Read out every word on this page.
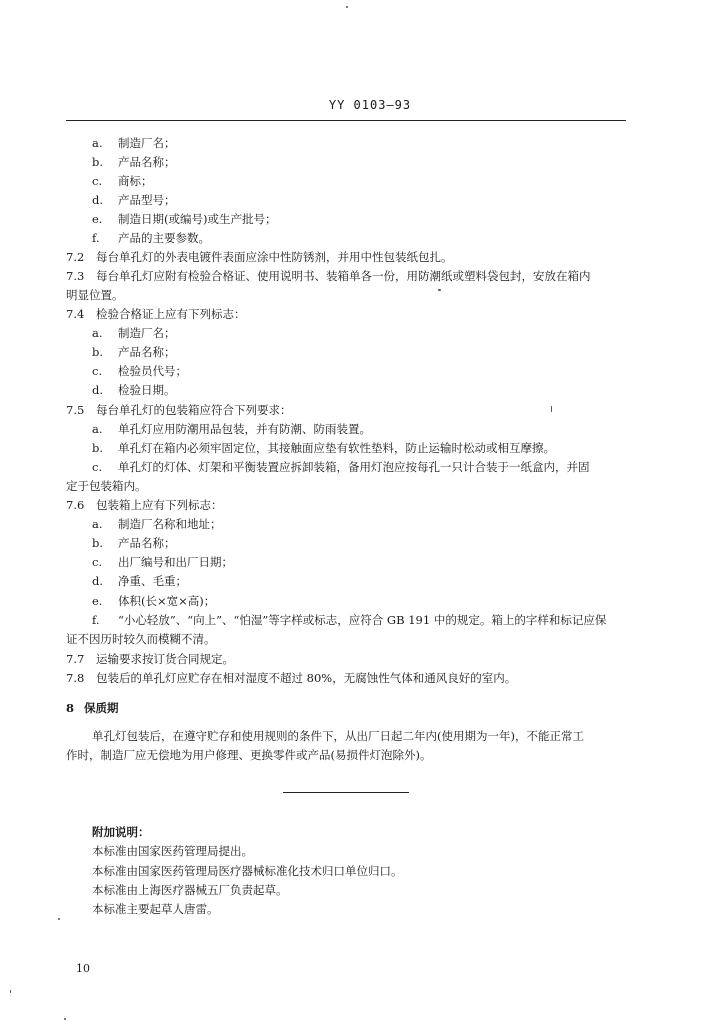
YY 0103—93
a. 制造厂名；
b. 产品名称；
c. 商标；
d. 产品型号；
e. 制造日期(或编号)或生产批号；
f. 产品的主要参数。
7.2 每台单孔灯的外表电镀件表面应涂中性防锈剂，并用中性包装纸包扎。
7.3 每台单孔灯应附有检验合格证、使用说明书、装箱单各一份，用防潮纸或塑料袋包封，安放在箱内
明显位置。
7.4 检验合格证上应有下列标志：
a. 制造厂名；
b. 产品名称；
c. 检验员代号；
d. 检验日期。
7.5 每台单孔灯的包装箱应符合下列要求：
a. 单孔灯应用防潮用品包装，并有防潮、防雨装置。
b. 单孔灯在箱内必须牢固定位，其接触面应垫有软性垫料，防止运输时松动或相互摩擦。
c. 单孔灯的灯体、灯架和平衡装置应拆卸装箱，备用灯泡应按每孔一只计合装于一纸盒内，并固
定于包装箱内。
7.6 包装箱上应有下列标志：
a. 制造厂名称和地址；
b. 产品名称；
c. 出厂编号和出厂日期；
d. 净重、毛重；
e. 体积(长×宽×高)；
f. “小心轻放”、“向上”、“怕湿”等字样或标志，应符合 GB 191 中的规定。箱上的字样和标记应保
证不因历时较久而模糊不清。
7.7 运输要求按订货合同规定。
7.8 包装后的单孔灯应贮存在相对湿度不超过 80%，无腐蚀性气体和通风良好的室内。
8 保质期
单孔灯包装后，在遵守贮存和使用规则的条件下，从出厂日起二年内(使用期为一年)，不能正常工
作时，制造厂应无偿地为用户修理、更换零件或产品(易损件灯泡除外)。
附加说明：
本标准由国家医药管理局提出。
本标准由国家医药管理局医疗器械标准化技术归口单位归口。
本标准由上海医疗器械五厂负责起草。
本标准主要起草人唐雷。
10
